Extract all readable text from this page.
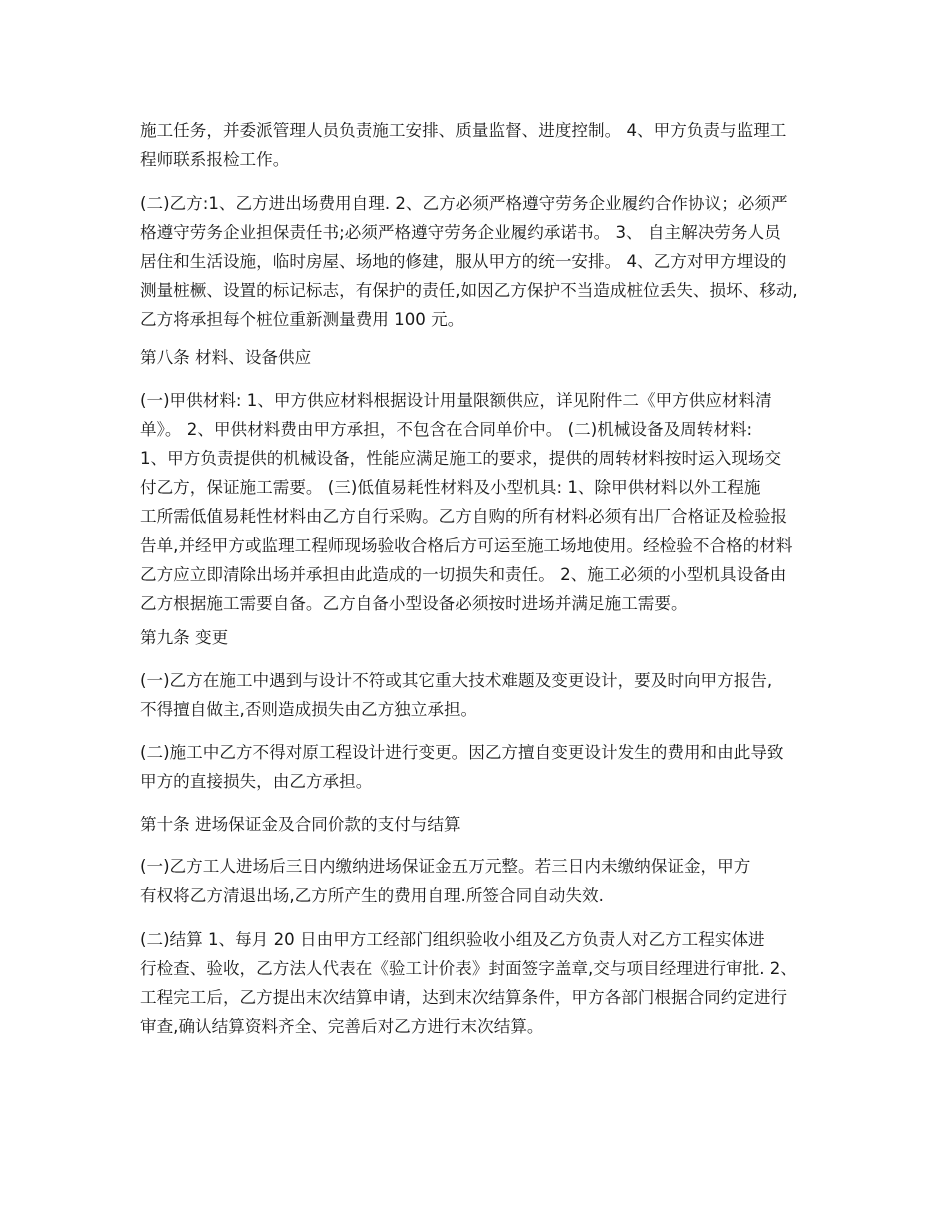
施工任务，并委派管理人员负责施工安排、质量监督、进度控制。 4、甲方负责与监理工
程师联系报检工作。

(二)乙方:1、乙方进出场费用自理. 2、乙方必须严格遵守劳务企业履约合作协议；必须严
格遵守劳务企业担保责任书;必须严格遵守劳务企业履约承诺书。 3、 自主解决劳务人员
居住和生活设施，临时房屋、场地的修建，服从甲方的统一安排。 4、乙方对甲方埋设的
测量桩橛、设置的标记标志，有保护的责任,如因乙方保护不当造成桩位丢失、损坏、移动,
乙方将承担每个桩位重新测量费用 100 元。

第八条 材料、设备供应

(一)甲供材料: 1、甲方供应材料根据设计用量限额供应，详见附件二《甲方供应材料清
单》。 2、甲供材料费由甲方承担，不包含在合同单价中。 (二)机械设备及周转材料:
1、甲方负责提供的机械设备，性能应满足施工的要求，提供的周转材料按时运入现场交
付乙方，保证施工需要。 (三)低值易耗性材料及小型机具: 1、除甲供材料以外工程施
工所需低值易耗性材料由乙方自行采购。乙方自购的所有材料必须有出厂合格证及检验报
告单,并经甲方或监理工程师现场验收合格后方可运至施工场地使用。经检验不合格的材料
乙方应立即清除出场并承担由此造成的一切损失和责任。 2、施工必须的小型机具设备由
乙方根据施工需要自备。乙方自备小型设备必须按时进场并满足施工需要。

第九条 变更

(一)乙方在施工中遇到与设计不符或其它重大技术难题及变更设计，要及时向甲方报告,
不得擅自做主,否则造成损失由乙方独立承担。

(二)施工中乙方不得对原工程设计进行变更。因乙方擅自变更设计发生的费用和由此导致
甲方的直接损失，由乙方承担。

第十条 进场保证金及合同价款的支付与结算

(一)乙方工人进场后三日内缴纳进场保证金五万元整。若三日内未缴纳保证金，甲方
有权将乙方清退出场,乙方所产生的费用自理.所签合同自动失效.

(二)结算 1、每月 20 日由甲方工经部门组织验收小组及乙方负责人对乙方工程实体进
行检查、验收，乙方法人代表在《验工计价表》封面签字盖章,交与项目经理进行审批. 2、
工程完工后，乙方提出末次结算申请，达到末次结算条件，甲方各部门根据合同约定进行
审查,确认结算资料齐全、完善后对乙方进行末次结算。
